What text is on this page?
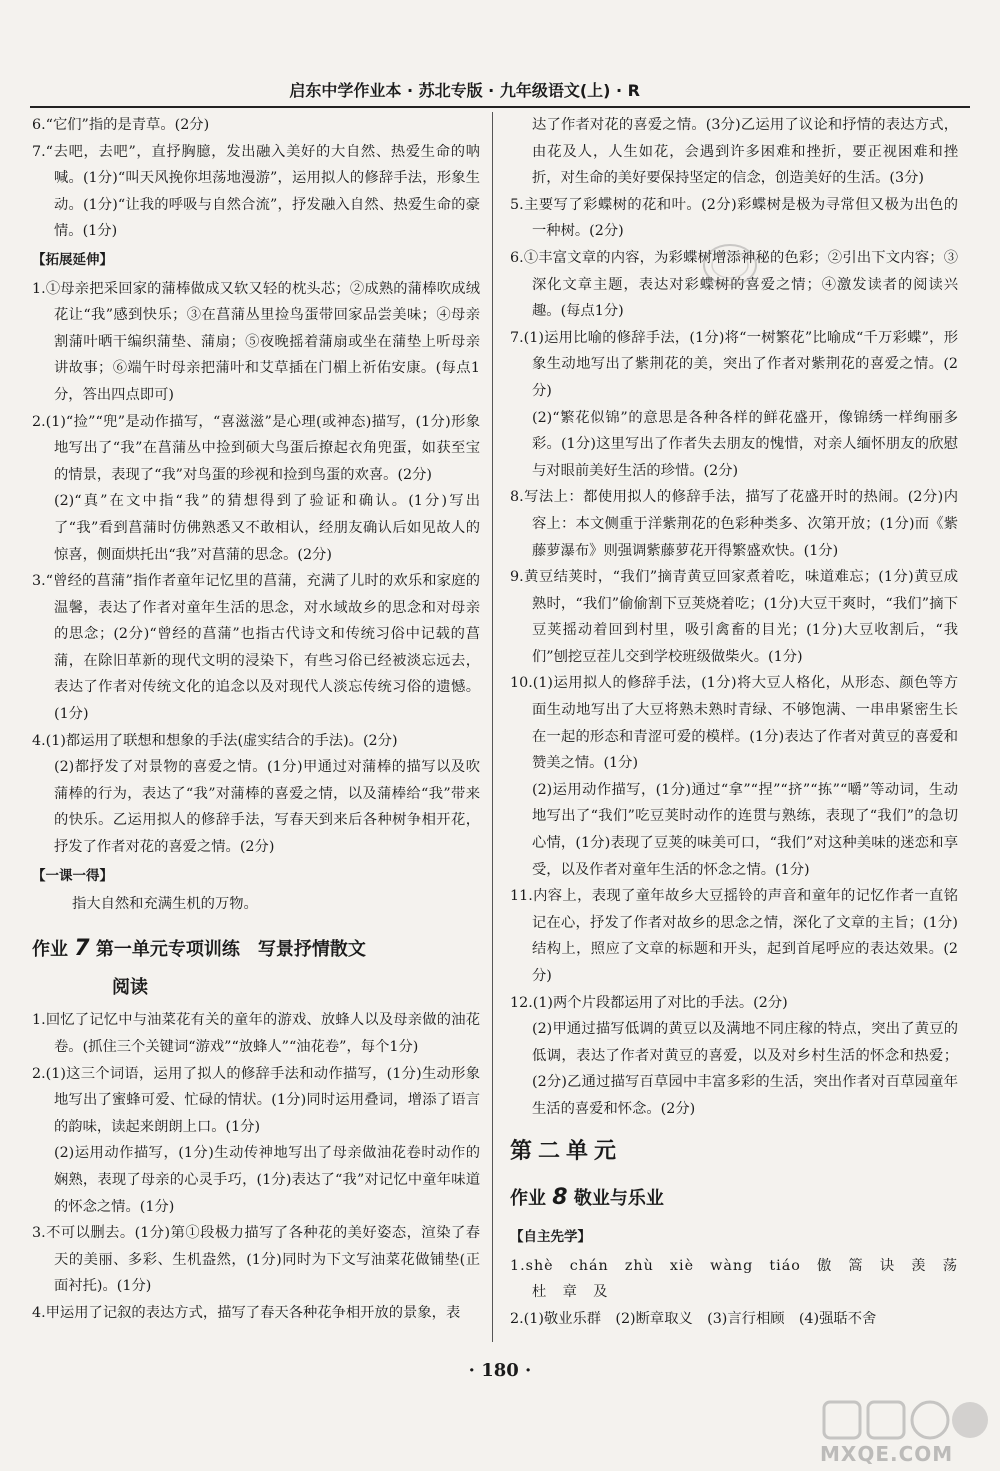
启东中学作业本 · 苏北专版 · 九年级语文(上) · R

6.“它们”指的是青草。(2分)

7.“去吧，去吧”，直抒胸臆，发出融入美好的大自然、热爱生命的呐喊。(1分)“叫天风挽你坦荡地漫游”，运用拟人的修辞手法，形象生动。(1分)“让我的呼吸与自然合流”，抒发融入自然、热爱生命的豪情。(1分)

【拓展延伸】

1.①母亲把采回家的蒲棒做成又软又轻的枕头芯；②成熟的蒲棒吹成绒花让“我”感到快乐；③在菖蒲丛里捡鸟蛋带回家品尝美味；④母亲割蒲叶晒干编织蒲垫、蒲扇；⑤夜晚摇着蒲扇或坐在蒲垫上听母亲讲故事；⑥端午时母亲把蒲叶和艾草插在门楣上祈佑安康。(每点1分，答出四点即可)

2.(1)“捡”“兜”是动作描写，“喜滋滋”是心理(或神态)描写，(1分)形象地写出了“我”在菖蒲丛中捡到硕大鸟蛋后撩起衣角兜蛋，如获至宝的情景，表现了“我”对鸟蛋的珍视和捡到鸟蛋的欢喜。(2分)

(2)“真”在文中指“我”的猜想得到了验证和确认。(1分)写出了“我”看到菖蒲时仿佛熟悉又不敢相认，经朋友确认后如见故人的惊喜，侧面烘托出“我”对菖蒲的思念。(2分)

3.“曾经的菖蒲”指作者童年记忆里的菖蒲，充满了儿时的欢乐和家庭的温馨，表达了作者对童年生活的思念，对水域故乡的思念和对母亲的思念；(2分)“曾经的菖蒲”也指古代诗文和传统习俗中记载的菖蒲，在除旧革新的现代文明的浸染下，有些习俗已经被淡忘远去，表达了作者对传统文化的追念以及对现代人淡忘传统习俗的遗憾。(1分)

4.(1)都运用了联想和想象的手法(虚实结合的手法)。(2分)

(2)都抒发了对景物的喜爱之情。(1分)甲通过对蒲棒的描写以及吹蒲棒的行为，表达了“我”对蒲棒的喜爱之情，以及蒲棒给“我”带来的快乐。乙运用拟人的修辞手法，写春天到来后各种树争相开花，抒发了作者对花的喜爱之情。(2分)

【一课一得】

指大自然和充满生机的万物。

作业 7 第一单元专项训练　写景抒情散文
阅读

1.回忆了记忆中与油菜花有关的童年的游戏、放蜂人以及母亲做的油花卷。(抓住三个关键词“游戏”“放蜂人”“油花卷”，每个1分)

2.(1)这三个词语，运用了拟人的修辞手法和动作描写，(1分)生动形象地写出了蜜蜂可爱、忙碌的情状。(1分)同时运用叠词，增添了语言的韵味，读起来朗朗上口。(1分)

(2)运用动作描写，(1分)生动传神地写出了母亲做油花卷时动作的娴熟，表现了母亲的心灵手巧，(1分)表达了“我”对记忆中童年味道的怀念之情。(1分)

3.不可以删去。(1分)第①段极力描写了各种花的美好姿态，渲染了春天的美丽、多彩、生机盎然，(1分)同时为下文写油菜花做铺垫(正面衬托)。(1分)

4.甲运用了记叙的表达方式，描写了春天各种花争相开放的景象，表

达了作者对花的喜爱之情。(3分)乙运用了议论和抒情的表达方式，由花及人，人生如花，会遇到许多困难和挫折，要正视困难和挫折，对生命的美好要保持坚定的信念，创造美好的生活。(3分)

5.主要写了彩蝶树的花和叶。(2分)彩蝶树是极为寻常但又极为出色的一种树。(2分)

6.①丰富文章的内容，为彩蝶树增添神秘的色彩；②引出下文内容；③深化文章主题，表达对彩蝶树的喜爱之情；④激发读者的阅读兴趣。(每点1分)

7.(1)运用比喻的修辞手法，(1分)将“一树繁花”比喻成“千万彩蝶”，形象生动地写出了紫荆花的美，突出了作者对紫荆花的喜爱之情。(2分)

(2)“繁花似锦”的意思是各种各样的鲜花盛开，像锦绣一样绚丽多彩。(1分)这里写出了作者失去朋友的愧惜，对亲人缅怀朋友的欣慰与对眼前美好生活的珍惜。(2分)

8.写法上：都使用拟人的修辞手法，描写了花盛开时的热闹。(2分)内容上：本文侧重于洋紫荆花的色彩种类多、次第开放；(1分)而《紫藤萝瀑布》则强调紫藤萝花开得繁盛欢快。(1分)

9.黄豆结荚时，“我们”摘青黄豆回家煮着吃，味道难忘；(1分)黄豆成熟时，“我们”偷偷割下豆荚烧着吃；(1分)大豆干爽时，“我们”摘下豆荚摇动着回到村里，吸引禽畜的目光；(1分)大豆收割后，“我们”刨挖豆茬儿交到学校班级做柴火。(1分)

10.(1)运用拟人的修辞手法，(1分)将大豆人格化，从形态、颜色等方面生动地写出了大豆将熟未熟时青绿、不够饱满、一串串紧密生长在一起的形态和青涩可爱的模样。(1分)表达了作者对黄豆的喜爱和赞美之情。(1分)

(2)运用动作描写，(1分)通过“拿”“捏”“挤”“拣”“嚼”等动词，生动地写出了“我们”吃豆荚时动作的连贯与熟练，表现了“我们”的急切心情，(1分)表现了豆荚的味美可口，“我们”对这种美味的迷恋和享受，以及作者对童年生活的怀念之情。(1分)

11.内容上，表现了童年故乡大豆摇铃的声音和童年的记忆作者一直铭记在心，抒发了作者对故乡的思念之情，深化了文章的主旨；(1分)结构上，照应了文章的标题和开头，起到首尾呼应的表达效果。(2分)

12.(1)两个片段都运用了对比的手法。(2分)

(2)甲通过描写低调的黄豆以及满地不同庄稼的特点，突出了黄豆的低调，表达了作者对黄豆的喜爱，以及对乡村生活的怀念和热爱；(2分)乙通过描写百草园中丰富多彩的生活，突出作者对百草园童年生活的喜爱和怀念。(2分)

第二单元
作业 8 敬业与乐业

【自主先学】

1.shè　chán　zhù　xiè　wàng　tiáo　傲　篙　诀　羡　荡　杜　章　及

2.(1)敬业乐群　(2)断章取义　(3)言行相顾　(4)强聒不舍

· 180 ·
MXQE.COM
